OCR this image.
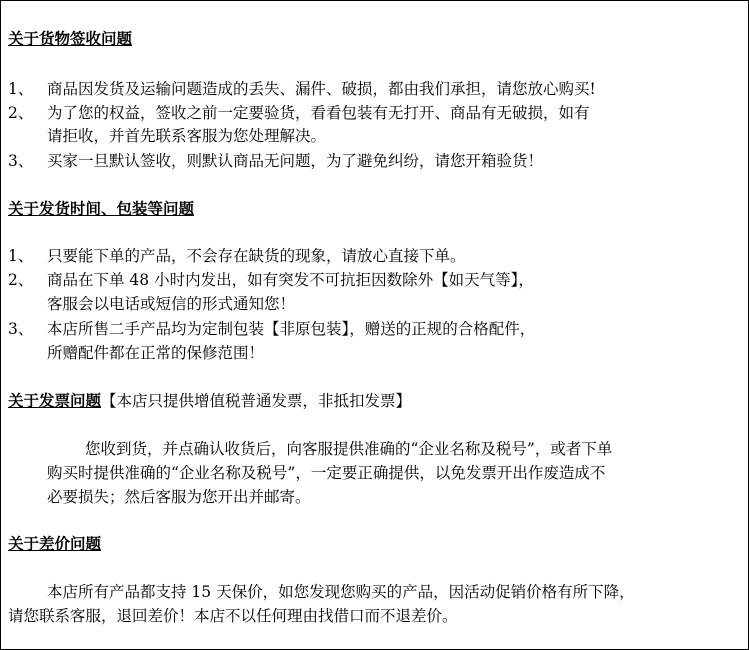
关于货物签收问题
1、 商品因发货及运输问题造成的丢失、漏件、破损，都由我们承担，请您放心购买!
2、 为了您的权益，签收之前一定要验货，看看包装有无打开、商品有无破损，如有
请拒收，并首先联系客服为您处理解决。
3、 买家一旦默认签收，则默认商品无问题，为了避免纠纷，请您开箱验货！
关于发货时间、包装等问题
1、 只要能下单的产品，不会存在缺货的现象，请放心直接下单。
2、 商品在下单 48 小时内发出，如有突发不可抗拒因数除外【如天气等】，
客服会以电话或短信的形式通知您！
3、 本店所售二手产品均为定制包装【非原包装】，赠送的正规的合格配件，
所赠配件都在正常的保修范围！
关于发票问题【本店只提供增值税普通发票，非抵扣发票】
您收到货，并点确认收货后，向客服提供准确的“企业名称及税号”，或者下单
购买时提供准确的“企业名称及税号”，一定要正确提供，以免发票开出作废造成不
必要损失；然后客服为您开出并邮寄。
关于差价问题
本店所有产品都支持 15 天保价，如您发现您购买的产品，因活动促销价格有所下降，
请您联系客服，退回差价！本店不以任何理由找借口而不退差价。
